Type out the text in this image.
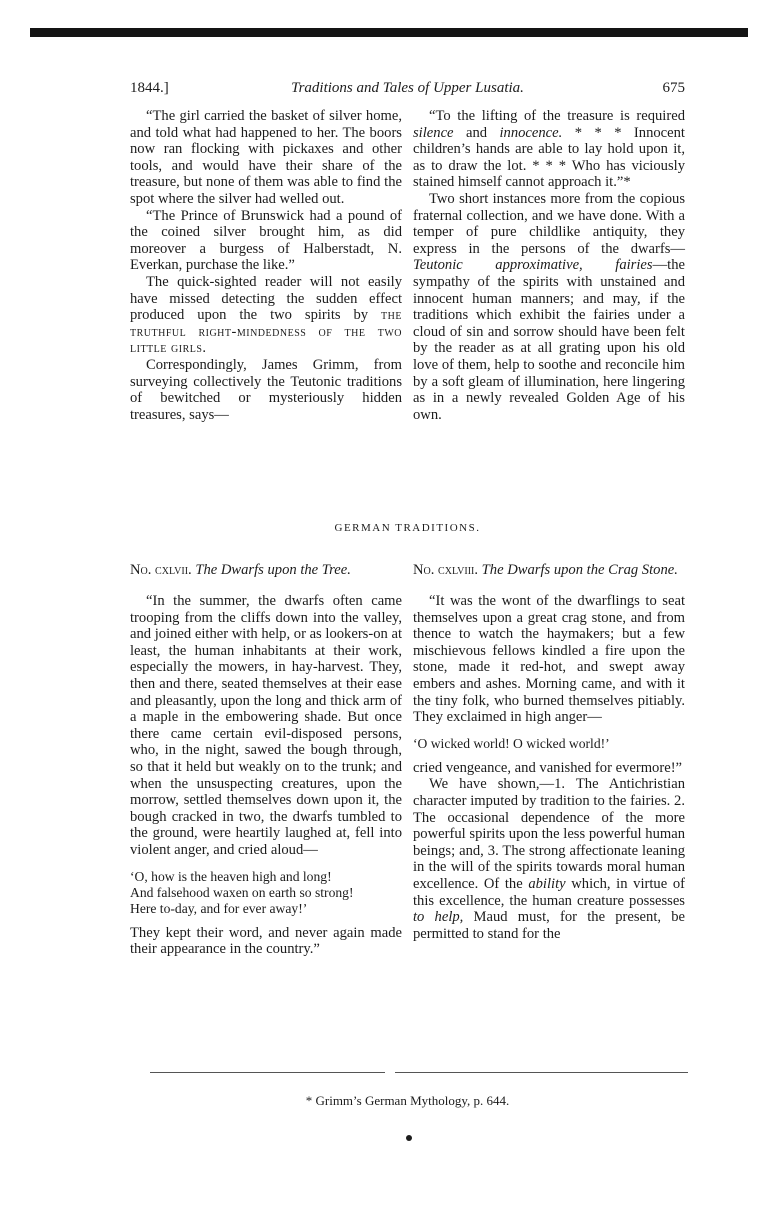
1844.]	Traditions and Tales of Upper Lusatia.	675

“The girl carried the basket of silver home, and told what had happened to her. The boors now ran flocking with pickaxes and other tools, and would have their share of the treasure, but none of them was able to find the spot where the silver had welled out.

“The Prince of Brunswick had a pound of the coined silver brought him, as did moreover a burgess of Halberstadt, N. Everkan, purchase the like.”

The quick-sighted reader will not easily have missed detecting the sudden effect produced upon the two spirits by the truthful right-mindedness of the two little girls.

Correspondingly, James Grimm, from surveying collectively the Teutonic traditions of bewitched or mysteriously hidden treasures, says—

“To the lifting of the treasure is required silence and innocence. * * * Innocent children’s hands are able to lay hold upon it, as to draw the lot. * * * Who has viciously stained himself cannot approach it.”*

Two short instances more from the copious fraternal collection, and we have done. With a temper of pure childlike antiquity, they express in the persons of the dwarfs—Teutonic approximative, fairies—the sympathy of the spirits with unstained and innocent human manners; and may, if the traditions which exhibit the fairies under a cloud of sin and sorrow should have been felt by the reader as at all grating upon his old love of them, help to soothe and reconcile him by a soft gleam of illumination, here lingering as in a newly revealed Golden Age of his own.

GERMAN TRADITIONS.

No. cxlvii. The Dwarfs upon the Tree.

“In the summer, the dwarfs often came trooping from the cliffs down into the valley, and joined either with help, or as lookers-on at least, the human inhabitants at their work, especially the mowers, in hay-harvest. They, then and there, seated themselves at their ease and pleasantly, upon the long and thick arm of a maple in the embowering shade. But once there came certain evil-disposed persons, who, in the night, sawed the bough through, so that it held but weakly on to the trunk; and when the unsuspecting creatures, upon the morrow, settled themselves down upon it, the bough cracked in two, the dwarfs tumbled to the ground, were heartily laughed at, fell into violent anger, and cried aloud—

‘O, how is the heaven high and long!
And falsehood waxen on earth so strong!
Here to-day, and for ever away!’

They kept their word, and never again made their appearance in the country.”

No. cxlviii. The Dwarfs upon the Crag Stone.

“It was the wont of the dwarflings to seat themselves upon a great crag stone, and from thence to watch the haymakers; but a few mischievous fellows kindled a fire upon the stone, made it red-hot, and swept away embers and ashes. Morning came, and with it the tiny folk, who burned themselves pitiably. They exclaimed in high anger—

‘O wicked world! O wicked world!’

cried vengeance, and vanished for evermore!”

We have shown,—1. The Antichristian character imputed by tradition to the fairies. 2. The occasional dependence of the more powerful spirits upon the less powerful human beings; and, 3. The strong affectionate leaning in the will of the spirits towards moral human excellence. Of the ability which, in virtue of this excellence, the human creature possesses to help, Maud must, for the present, be permitted to stand for the

* Grimm’s German Mythology, p. 644.
